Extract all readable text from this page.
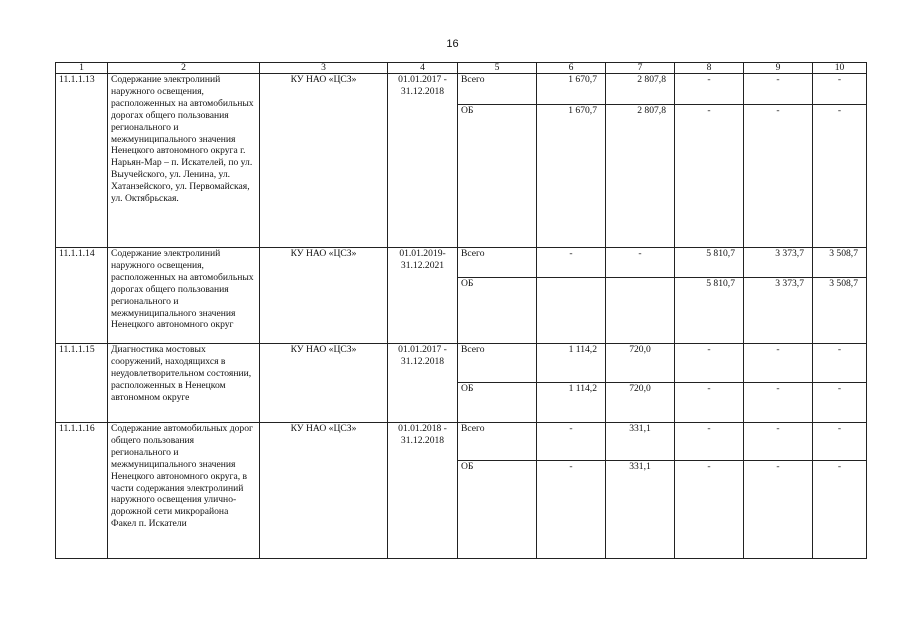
16
1	2	3	4	5	6	7	8	9	10
11.1.1.13	Содержание электролиний наружного освещения, расположенных на автомобильных дорогах общего пользования регионального и межмуниципального значения Ненецкого автономного округа г. Нарьян-Мар – п. Искателей, по ул. Выучейского, ул. Ленина, ул. Хатанзейского, ул. Первомайская, ул. Октябрьская.	КУ НАО «ЦСЗ»	01.01.2017 - 31.12.2018	Всего	1 670,7	2 807,8	-	-	-
				ОБ	1 670,7	2 807,8	-	-	-
11.1.1.14	Содержание электролиний наружного освещения, расположенных на автомобильных дорогах общего пользования регионального и межмуниципального значения Ненецкого автономного округ	КУ НАО «ЦСЗ»	01.01.2019-31.12.2021	Всего	-	-	5 810,7	3 373,7	3 508,7
				ОБ			5 810,7	3 373,7	3 508,7
11.1.1.15	Диагностика мостовых сооружений, находящихся в неудовлетворительном состоянии, расположенных в Ненецком автономном округе	КУ НАО «ЦСЗ»	01.01.2017 - 31.12.2018	Всего	1 114,2	720,0	-	-	-
				ОБ	1 114,2	720,0	-	-	-
11.1.1.16	Содержание автомобильных дорог общего пользования регионального и межмуниципального значения Ненецкого автономного округа, в части содержания электролиний наружного освещения улично-дорожной сети микрорайона Факел п. Искатели	КУ НАО «ЦСЗ»	01.01.2018 - 31.12.2018	Всего	-	331,1	-	-	-
				ОБ	-	331,1	-	-	-
